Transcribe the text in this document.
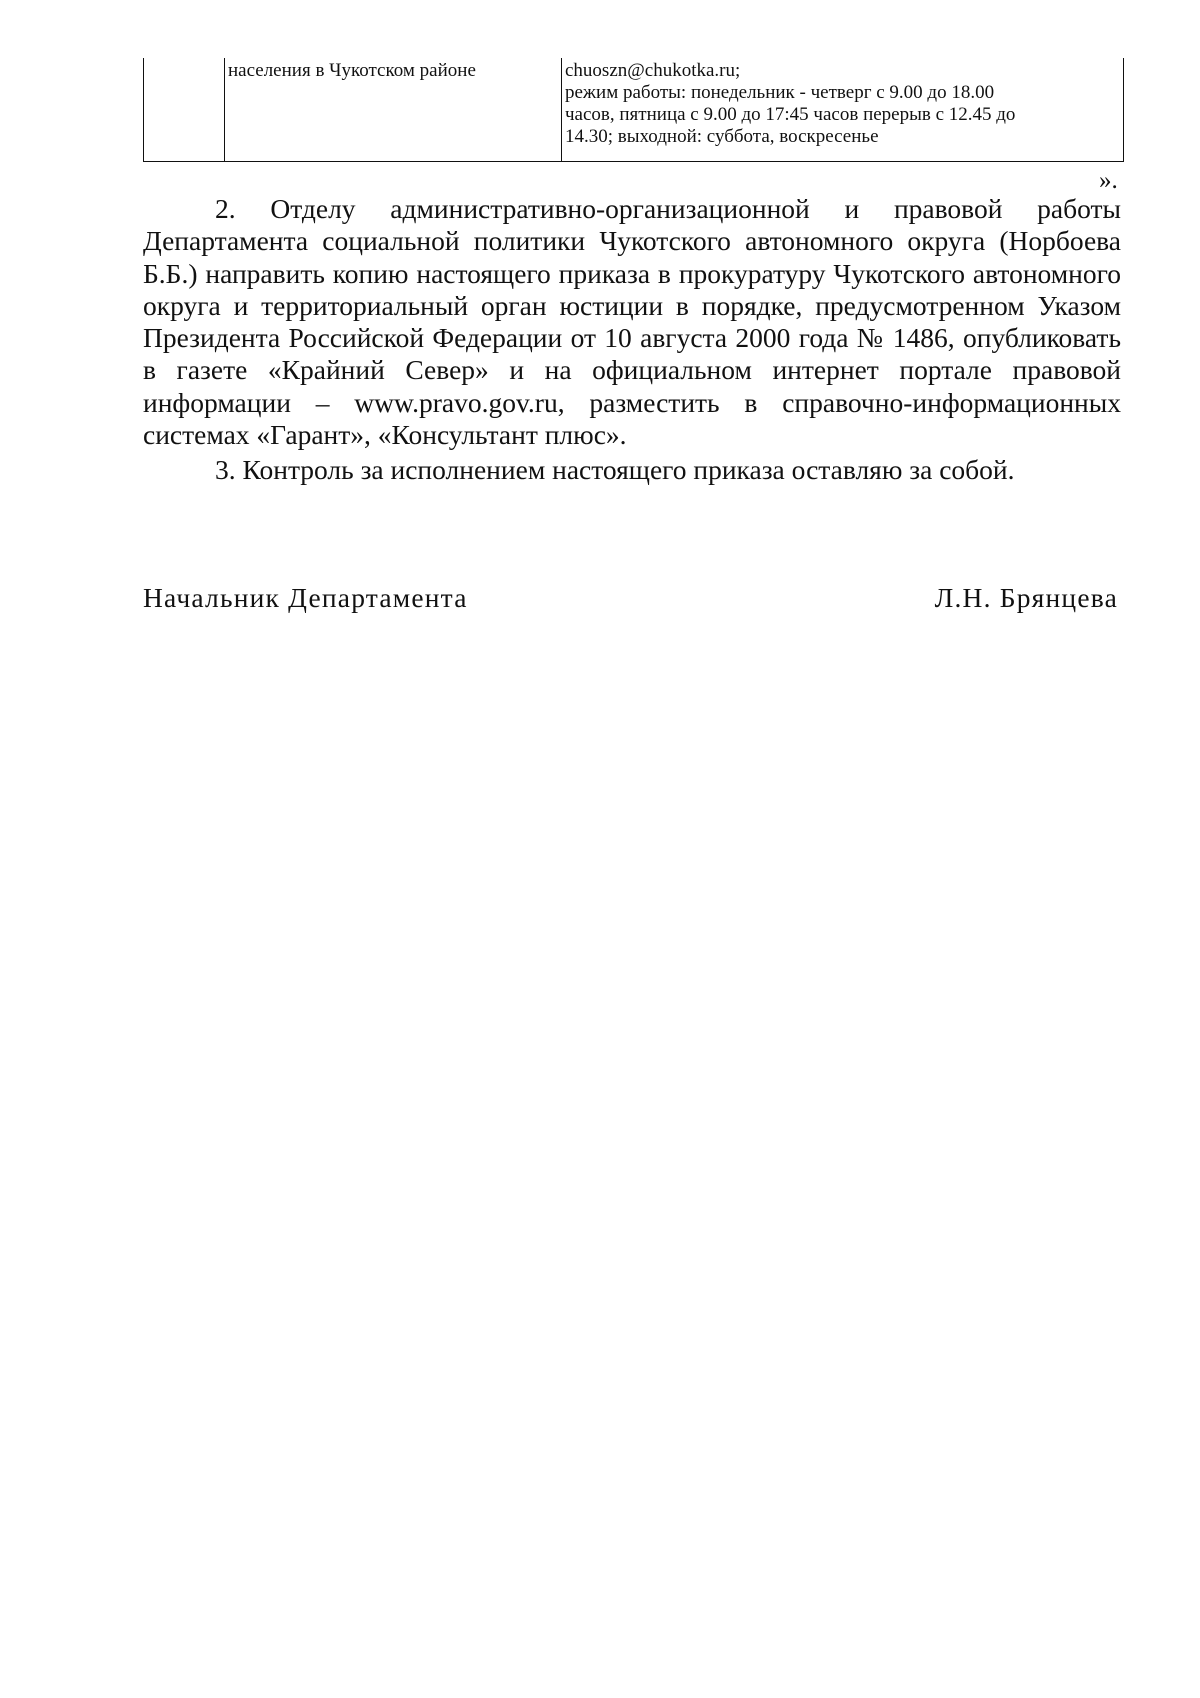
населения в Чукотском районе	chuoszn@chukotka.ru;
режим работы: понедельник - четверг с 9.00 до 18.00
часов, пятница с 9.00 до 17:45 часов перерыв с 12.45 до
14.30; выходной: суббота, воскресенье
».

2. Отделу административно-организационной и правовой работы Департамента социальной политики Чукотского автономного округа (Норбоева Б.Б.) направить копию настоящего приказа в прокуратуру Чукотского автономного округа и территориальный орган юстиции в порядке, предусмотренном Указом Президента Российской Федерации от 10 августа 2000 года № 1486, опубликовать в газете «Крайний Север» и на официальном интернет портале правовой информации – www.pravo.gov.ru, разместить в справочно-информационных системах «Гарант», «Консультант плюс».

3. Контроль за исполнением настоящего приказа оставляю за собой.

Начальник Департамента	Л.Н. Брянцева
